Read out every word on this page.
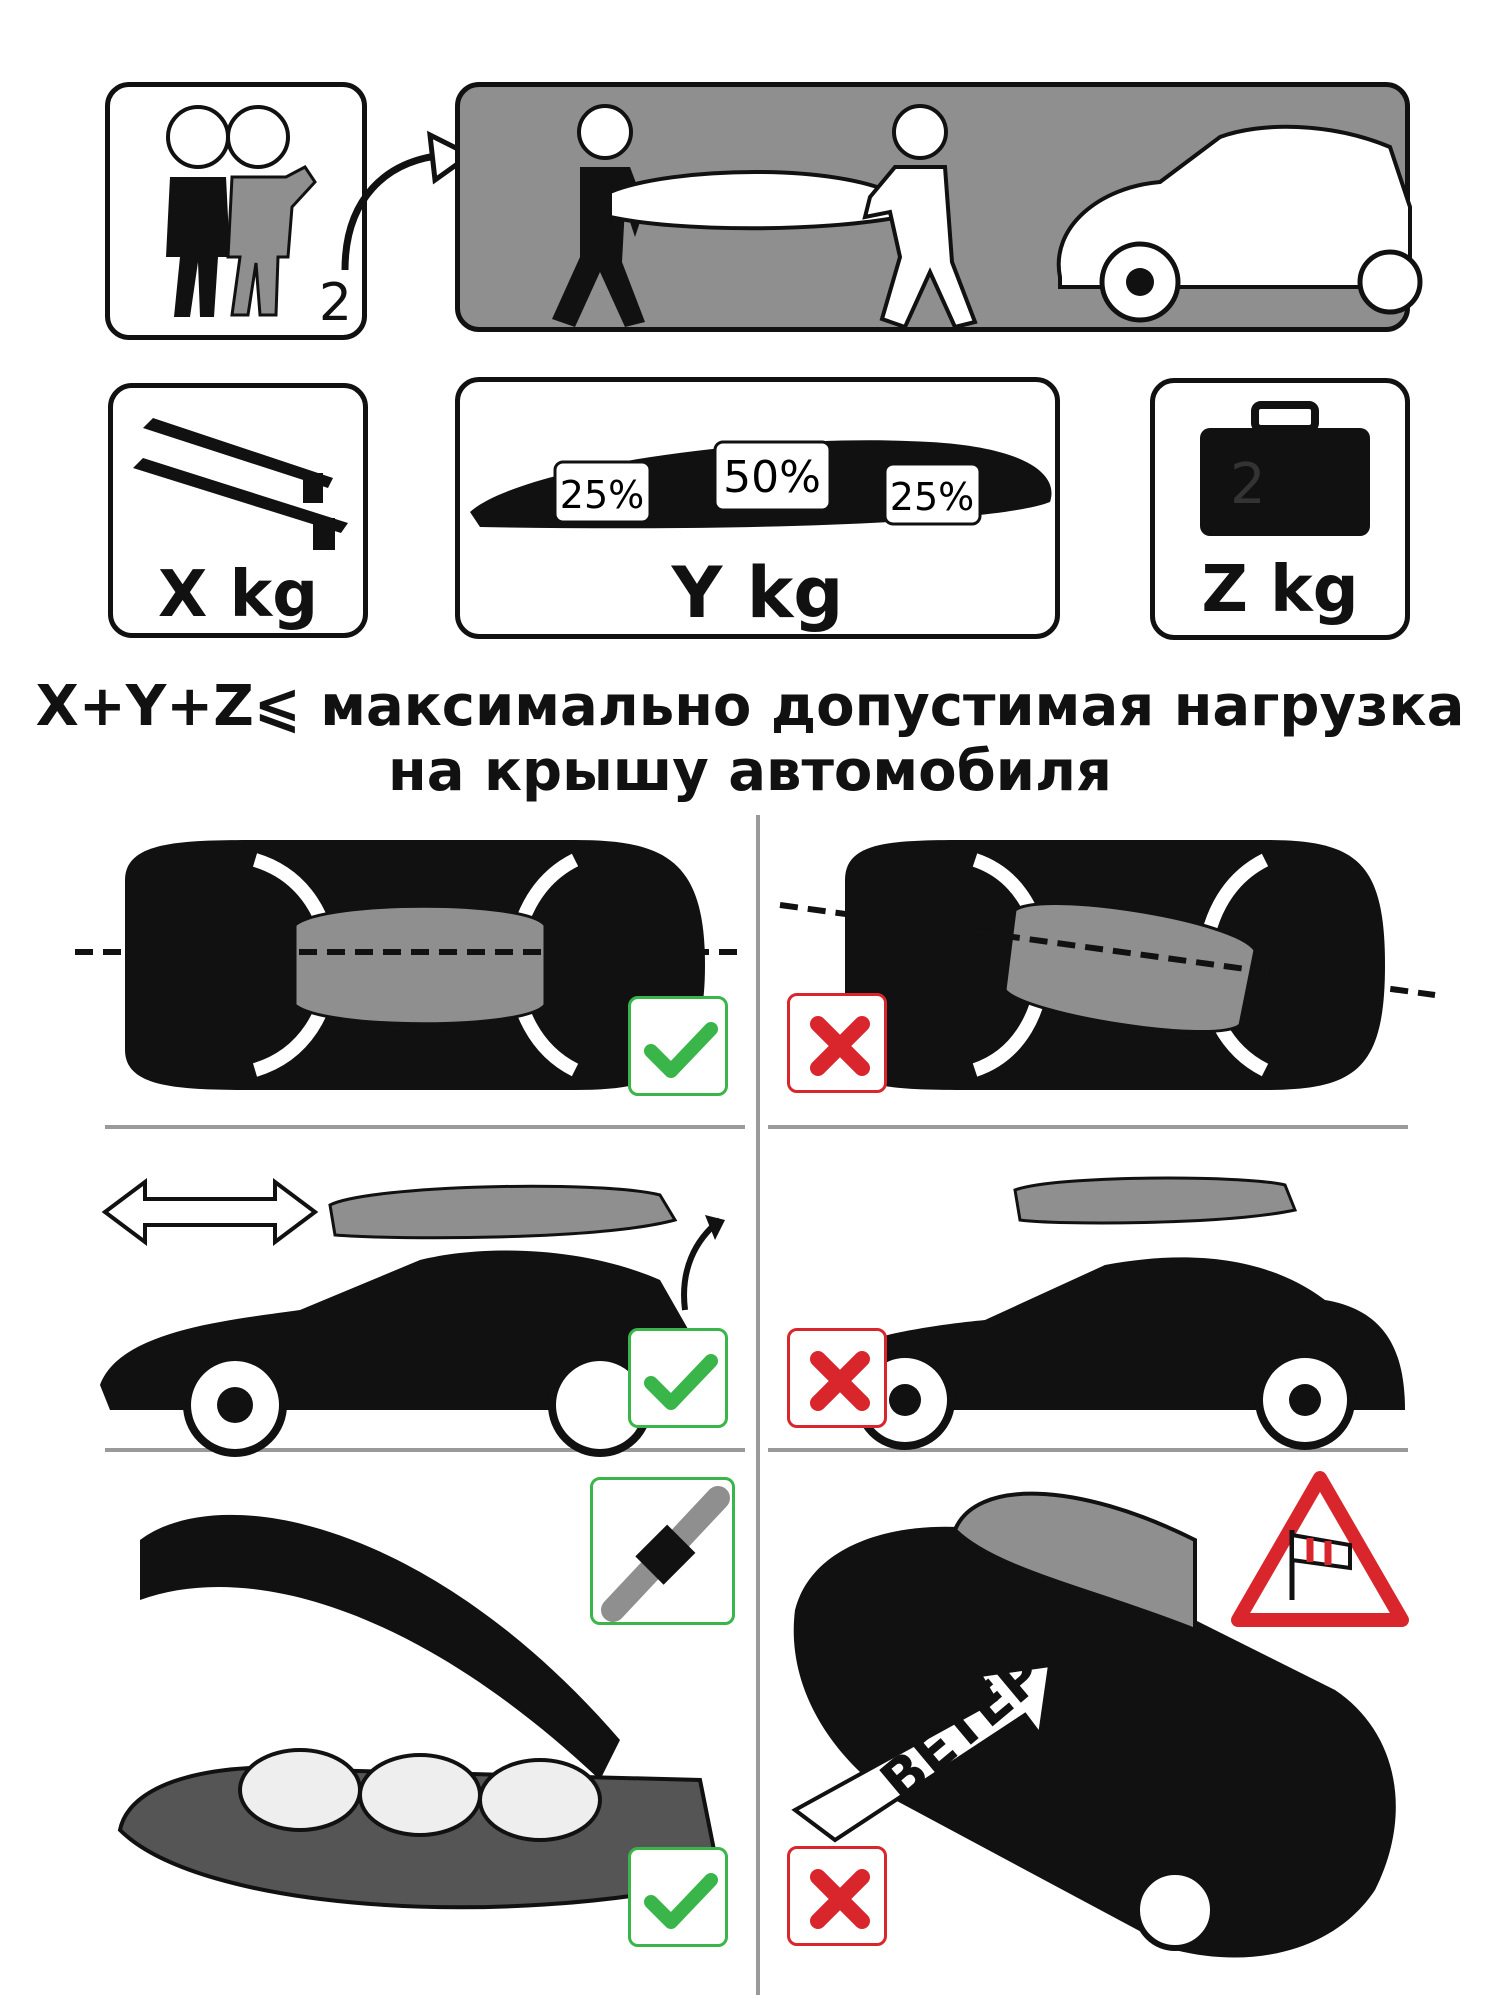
2
X kg
25% 50% 25%
Y kg
2
Z kg
X+Y+Z⩽ максимально допустимая нагрузка
на крышу автомобиля
ВЕТЕР
